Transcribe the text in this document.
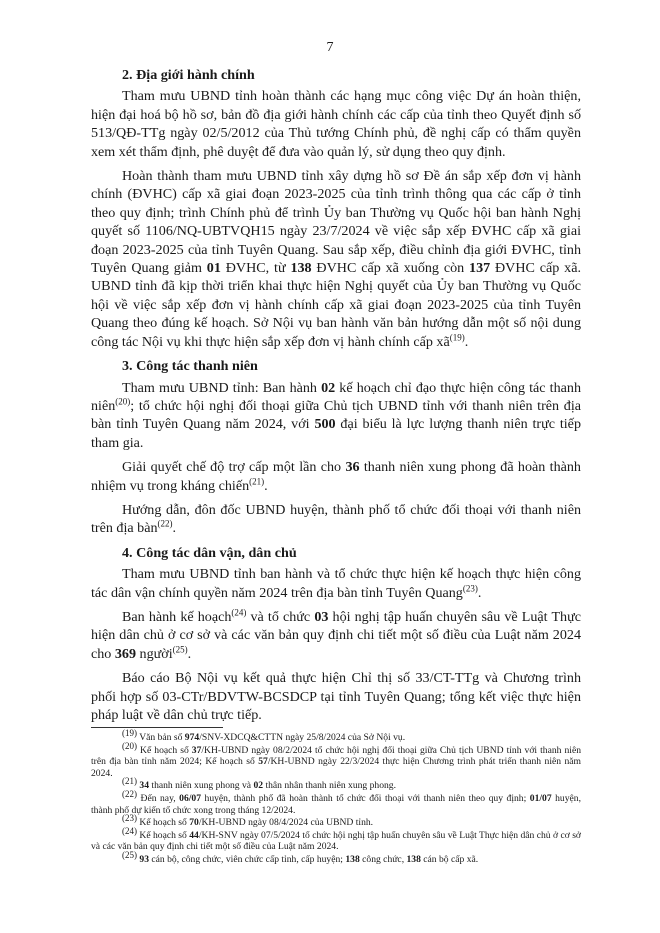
7
2. Địa giới hành chính

Tham mưu UBND tỉnh hoàn thành các hạng mục công việc Dự án hoàn thiện, hiện đại hoá bộ hồ sơ, bản đồ địa giới hành chính các cấp của tỉnh theo Quyết định số 513/QĐ-TTg ngày 02/5/2012 của Thủ tướng Chính phủ, đề nghị cấp có thẩm quyền xem xét thẩm định, phê duyệt để đưa vào quản lý, sử dụng theo quy định.

Hoàn thành tham mưu UBND tỉnh xây dựng hồ sơ Đề án sắp xếp đơn vị hành chính (ĐVHC) cấp xã giai đoạn 2023-2025 của tỉnh trình thông qua các cấp ở tỉnh theo quy định; trình Chính phủ để trình Ủy ban Thường vụ Quốc hội ban hành Nghị quyết số 1106/NQ-UBTVQH15 ngày 23/7/2024 về việc sắp xếp ĐVHC cấp xã giai đoạn 2023-2025 của tỉnh Tuyên Quang. Sau sắp xếp, điều chỉnh địa giới ĐVHC, tỉnh Tuyên Quang giảm 01 ĐVHC, từ 138 ĐVHC cấp xã xuống còn 137 ĐVHC cấp xã. UBND tỉnh đã kịp thời triển khai thực hiện Nghị quyết của Ủy ban Thường vụ Quốc hội về việc sắp xếp đơn vị hành chính cấp xã giai đoạn 2023-2025 của tỉnh Tuyên Quang theo đúng kế hoạch. Sở Nội vụ ban hành văn bản hướng dẫn một số nội dung công tác Nội vụ khi thực hiện sắp xếp đơn vị hành chính cấp $xã^{(19)}$.

3. Công tác thanh niên

Tham mưu UBND tỉnh: Ban hành 02 kế hoạch chỉ đạo thực hiện công tác thanh niên$^{(20)}$; tổ chức hội nghị đối thoại giữa Chủ tịch UBND tỉnh với thanh niên trên địa bàn tỉnh Tuyên Quang năm 2024, với 500 đại biểu là lực lượng thanh niên trực tiếp tham gia.

Giải quyết chế độ trợ cấp một lần cho 36 thanh niên xung phong đã hoàn thành nhiệm vụ trong kháng chiến$^{(21)}$.

Hướng dẫn, đôn đốc UBND huyện, thành phố tổ chức đối thoại với thanh niên trên địa bàn$^{(22)}$.

4. Công tác dân vận, dân chủ

Tham mưu UBND tỉnh ban hành và tổ chức thực hiện kế hoạch thực hiện công tác dân vận chính quyền năm 2024 trên địa bàn tỉnh Tuyên Quang$^{(23)}$.

Ban hành kế hoạch$^{(24)}$ và tổ chức 03 hội nghị tập huấn chuyên sâu về Luật Thực hiện dân chủ ở cơ sở và các văn bản quy định chi tiết một số điều của Luật năm 2024 cho 369 người$^{(25)}$.

Báo cáo Bộ Nội vụ kết quả thực hiện Chỉ thị số 33/CT-TTg và Chương trình phối hợp số 03-CTr/BDVTW-BCSDCP tại tỉnh Tuyên Quang; tổng kết việc thực hiện pháp luật về dân chủ trực tiếp.

$^{(19)}$ Văn bản số 974/SNV-XDCQ&CTTN ngày 25/8/2024 của Sở Nội vụ.

$^{(20)}$ Kế hoạch số 37/KH-UBND ngày 08/2/2024 tổ chức hội nghị đối thoại giữa Chủ tịch UBND tỉnh với thanh niên trên địa bàn tỉnh năm 2024; Kế hoạch số 57/KH-UBND ngày 22/3/2024 thực hiện Chương trình phát triển thanh niên năm 2024.

$^{(21)}$ 34 thanh niên xung phong và 02 thân nhân thanh niên xung phong.

$^{(22)}$ Đến nay, 06/07 huyện, thành phố đã hoàn thành tổ chức đối thoại với thanh niên theo quy định; 01/07 huyện, thành phố dự kiến tổ chức xong trong tháng 12/2024.

$^{(23)}$ Kế hoạch số 70/KH-UBND ngày 08/4/2024 của UBND tỉnh.

$^{(24)}$ Kế hoạch số 44/KH-SNV ngày 07/5/2024 tổ chức hội nghị tập huấn chuyên sâu về Luật Thực hiện dân chủ ở cơ sở và các văn bản quy định chi tiết một số điều của Luật năm 2024.

$^{(25)}$ 93 cán bộ, công chức, viên chức cấp tỉnh, cấp huyện; 138 công chức, 138 cán bộ cấp xã.
